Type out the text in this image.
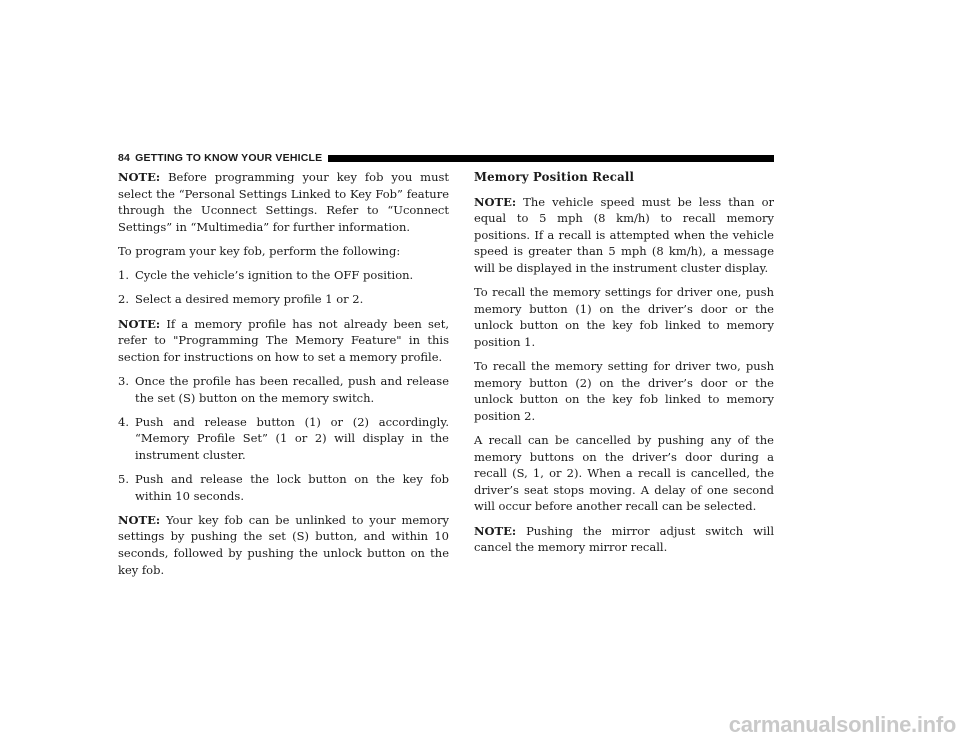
84 GETTING TO KNOW YOUR VEHICLE

NOTE: Before programming your key fob you must select the “Personal Settings Linked to Key Fob” feature through the Uconnect Settings. Refer to “Uconnect Settings” in “Multimedia” for further information.

To program your key fob, perform the following:

1. Cycle the vehicle’s ignition to the OFF position.
2. Select a desired memory profile 1 or 2.

NOTE: If a memory profile has not already been set, refer to "Programming The Memory Feature" in this section for instructions on how to set a memory profile.

3. Once the profile has been recalled, push and release the set (S) button on the memory switch.
4. Push and release button (1) or (2) accordingly. “Memory Profile Set” (1 or 2) will display in the instrument cluster.
5. Push and release the lock button on the key fob within 10 seconds.

NOTE: Your key fob can be unlinked to your memory settings by pushing the set (S) button, and within 10 seconds, followed by pushing the unlock button on the key fob.

Memory Position Recall

NOTE: The vehicle speed must be less than or equal to 5 mph (8 km/h) to recall memory positions. If a recall is attempted when the vehicle speed is greater than 5 mph (8 km/h), a message will be displayed in the instrument cluster display.

To recall the memory settings for driver one, push memory button (1) on the driver’s door or the unlock button on the key fob linked to memory position 1.

To recall the memory setting for driver two, push memory button (2) on the driver’s door or the unlock button on the key fob linked to memory position 2.

A recall can be cancelled by pushing any of the memory buttons on the driver’s door during a recall (S, 1, or 2). When a recall is cancelled, the driver’s seat stops moving. A delay of one second will occur before another recall can be selected.

NOTE: Pushing the mirror adjust switch will cancel the memory mirror recall.

carmanualsonline.info
